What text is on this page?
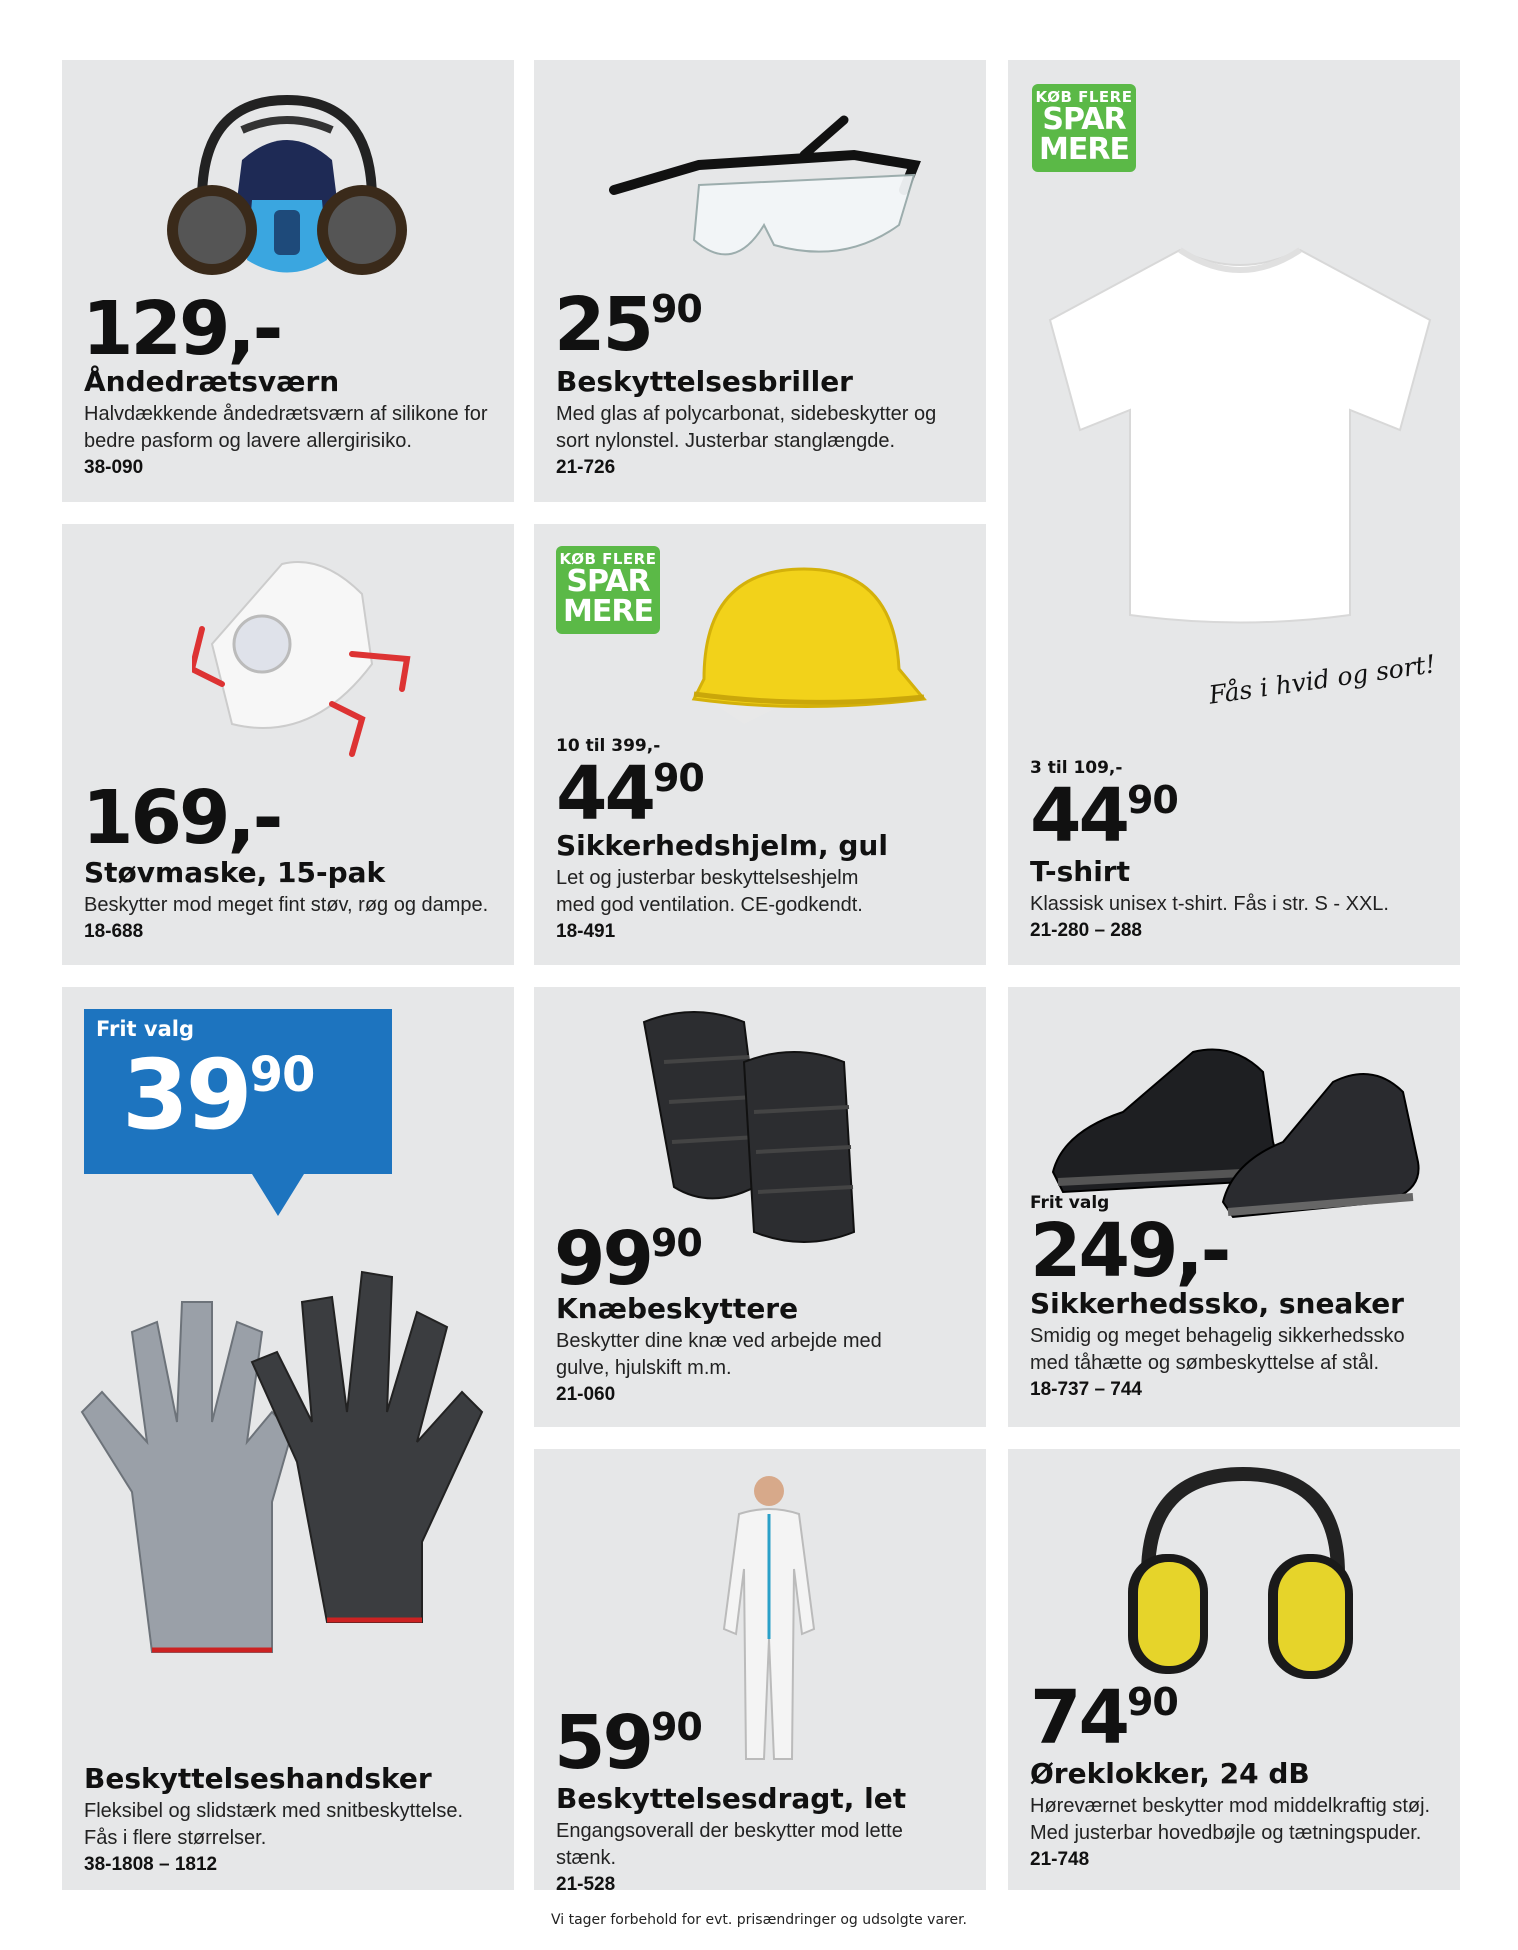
129,-
Åndedrætsværn
Halvdækkende åndedrætsværn af silikone for
bedre pasform og lavere allergirisiko.
38-090
2590
Beskyttelsesbriller
Med glas af polycarbonat, sidebeskytter og
sort nylonstel. Justerbar stanglængde.
21-726
KØB FLERE
SPAR
MERE
Fås i hvid og sort!
3 til 109,-
4490
T-shirt
Klassisk unisex t-shirt. Fås i str. S - XXL.
21-280 – 288
169,-
Støvmaske, 15-pak
Beskytter mod meget fint støv, røg og dampe.
18-688
KØB FLERE
SPAR
MERE
10 til 399,-
4490
Sikkerhedshjelm, gul
Let og justerbar beskyttelseshjelm
med god ventilation. CE-godkendt.
18-491
Frit valg
3990
Beskyttelseshandsker
Fleksibel og slidstærk med snitbeskyttelse.
Fås i flere størrelser.
38-1808 – 1812
9990
Knæbeskyttere
Beskytter dine knæ ved arbejde med
gulve, hjulskift m.m.
21-060
Frit valg
249,-
Sikkerhedssko, sneaker
Smidig og meget behagelig sikkerhedssko
med tåhætte og sømbeskyttelse af stål.
18-737 – 744
5990
Beskyttelsesdragt, let
Engangsoverall der beskytter mod lette stænk.
21-528
7490
Øreklokker, 24 dB
Høreværnet beskytter mod middelkraftig støj.
Med justerbar hovedbøjle og tætningspuder.
21-748
Vi tager forbehold for evt. prisændringer og udsolgte varer.
